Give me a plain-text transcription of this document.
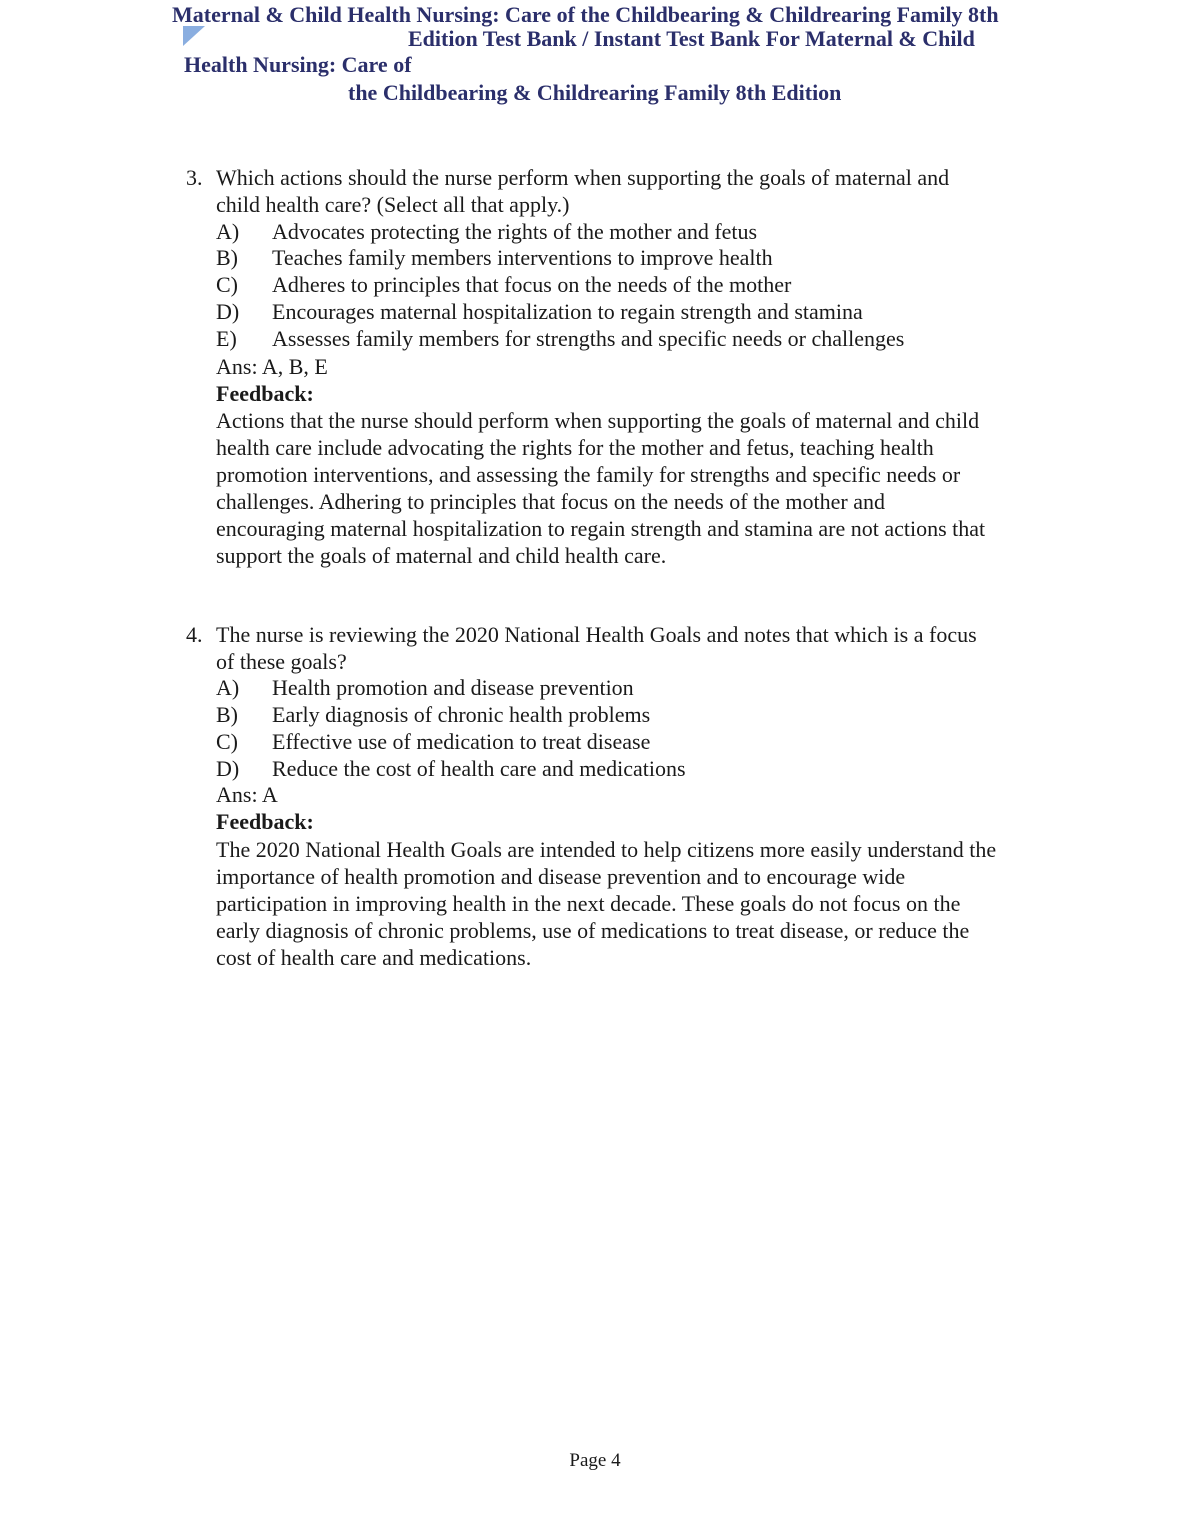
Maternal & Child Health Nursing: Care of the Childbearing & Childrearing Family 8th
Edition Test Bank / Instant Test Bank For Maternal & Child
Health Nursing: Care of
the Childbearing & Childrearing Family 8th Edition
3. Which actions should the nurse perform when supporting the goals of maternal and
child health care? (Select all that apply.)
A) Advocates protecting the rights of the mother and fetus
B) Teaches family members interventions to improve health
C) Adheres to principles that focus on the needs of the mother
D) Encourages maternal hospitalization to regain strength and stamina
E) Assesses family members for strengths and specific needs or challenges
Ans: A, B, E
Feedback:
Actions that the nurse should perform when supporting the goals of maternal and child
health care include advocating the rights for the mother and fetus, teaching health
promotion interventions, and assessing the family for strengths and specific needs or
challenges. Adhering to principles that focus on the needs of the mother and
encouraging maternal hospitalization to regain strength and stamina are not actions that
support the goals of maternal and child health care.
4. The nurse is reviewing the 2020 National Health Goals and notes that which is a focus
of these goals?
A) Health promotion and disease prevention
B) Early diagnosis of chronic health problems
C) Effective use of medication to treat disease
D) Reduce the cost of health care and medications
Ans: A
Feedback:
The 2020 National Health Goals are intended to help citizens more easily understand the
importance of health promotion and disease prevention and to encourage wide
participation in improving health in the next decade. These goals do not focus on the
early diagnosis of chronic problems, use of medications to treat disease, or reduce the
cost of health care and medications.
Page 4
